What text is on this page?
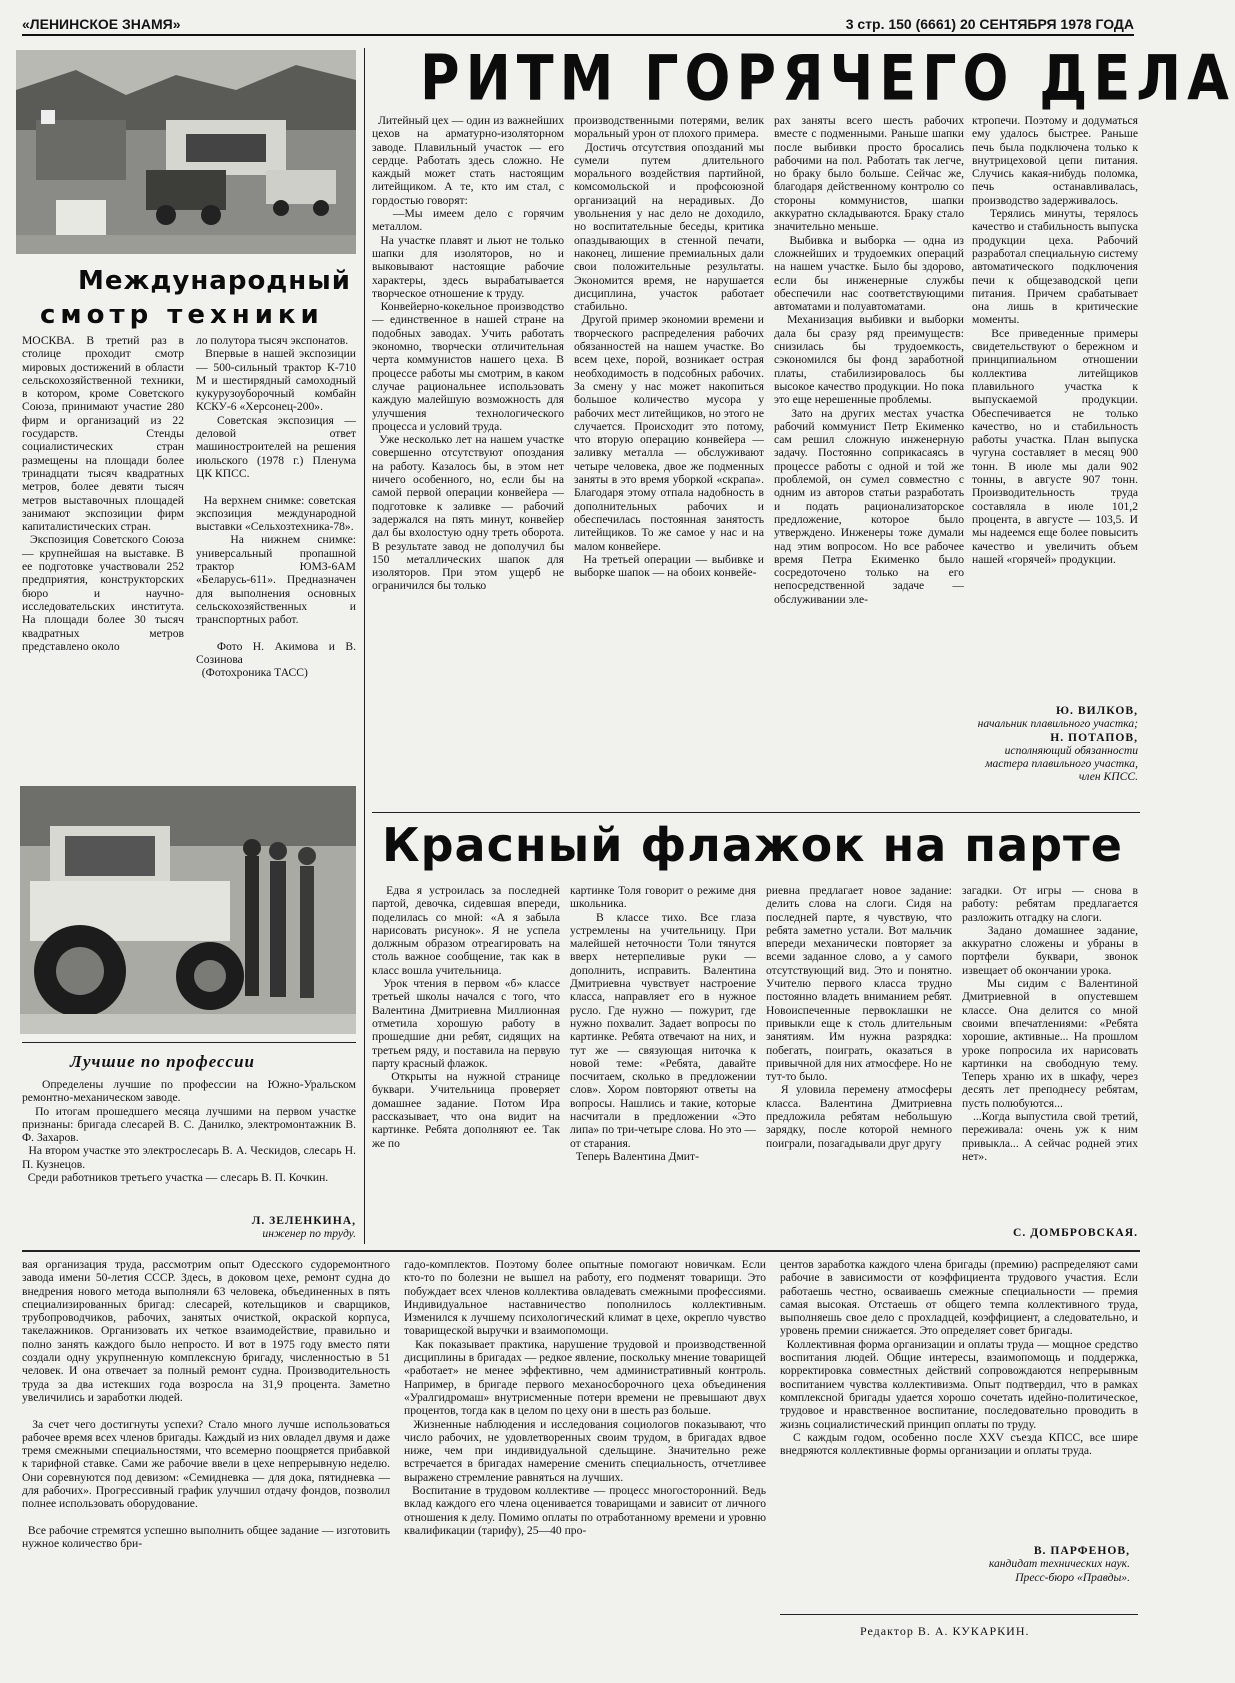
«ЛЕНИНСКОЕ ЗНАМЯ»	3 стр. 150 (6661) 20 СЕНТЯБРЯ 1978 ГОДА
Международный
смотр техники
МОСКВА. В третий раз в столице проходит смотр мировых достижений в области сельскохозяйственной техники, в котором, кроме Советского Союза, принимают участие 280 фирм и организаций из 22 государств. Стенды социалистических стран размещены на площади более тринадцати тысяч квадратных метров, более девяти тысяч метров выставочных площадей занимают экспозиции фирм капиталистических стран.
Экспозиция Советского Союза — крупнейшая на выставке. В ее подготовке участвовали 252 предприятия, конструкторских бюро и научно-исследовательских института. На площади более 30 тысяч квадратных метров представлено около
ло полутора тысяч экспонатов.
Впервые в нашей экспозиции — 500-сильный трактор К-710 М и шестирядный самоходный кукурузоуборочный комбайн КСКУ-6 «Херсонец-200».
Советская экспозиция — деловой ответ машиностроителей на решения июльского (1978 г.) Пленума ЦК КПСС.

На верхнем снимке: советская экспозиция международной выставки «Сельхозтехника-78».
На нижнем снимке: универсальный пропашной трактор ЮМЗ-6АМ «Беларусь-611». Предназначен для выполнения основных сельскохозяйственных и транспортных работ.

Фото Н. Акимова и В. Созинова
(Фотохроника ТАСС)
Лучшие по профессии
Определены лучшие по профессии на Южно-Уральском ремонтно-механическом заводе.
По итогам прошедшего месяца лучшими на первом участке признаны: бригада слесарей В. С. Данилко, электромонтажник В. Ф. Захаров.
На втором участке это электрослесарь В. А. Ческидов, слесарь Н. П. Кузнецов.
Среди работников третьего участка — слесарь В. П. Кочкин.
Л. ЗЕЛЕНКИНА,
инженер по труду.
РИТМ ГОРЯЧЕГО ДЕЛА
Литейный цех — один из важнейших цехов на арматурно-изоляторном заводе. Плавильный участок — его сердце. Работать здесь сложно. Не каждый может стать настоящим литейщиком. А те, кто им стал, с гордостью говорят:
—Мы имеем дело с горячим металлом.
На участке плавят и льют не только шапки для изоляторов, но и выковывают настоящие рабочие характеры, здесь вырабатывается творческое отношение к труду.
Конвейерно-кокельное производство — единственное в нашей стране на подобных заводах. Учить работать экономно, творчески отличительная черта коммунистов нашего цеха. В процессе работы мы смотрим, в каком случае рациональнее использовать каждую малейшую возможность для улучшения технологического процесса и условий труда.
Уже несколько лет на нашем участке совершенно отсутствуют опоздания на работу. Казалось бы, в этом нет ничего особенного, но, если бы на самой первой операции конвейера — подготовке к заливке — рабочий задержался на пять минут, конвейер дал бы вхолостую одну треть оборота. В результате завод не дополучил бы 150 металлических шапок для изоляторов. При этом ущерб не ограничился бы только
производственными потерями, велик моральный урон от плохого примера.
Достичь отсутствия опозданий мы сумели путем длительного морального воздействия партийной, комсомольской и профсоюзной организаций на нерадивых. До увольнения у нас дело не доходило, но воспитательные беседы, критика опаздывающих в стенной печати, наконец, лишение премиальных дали свои положительные результаты. Экономится время, не нарушается дисциплина, участок работает стабильно.
Другой пример экономии времени и творческого распределения рабочих обязанностей на нашем участке. Во всем цехе, порой, возникает острая необходимость в подсобных рабочих. За смену у нас может накопиться большое количество мусора у рабочих мест литейщиков, но этого не случается. Происходит это потому, что вторую операцию конвейера — заливку металла — обслуживают четыре человека, двое же подменных заняты в это время уборкой «скрапа». Благодаря этому отпала надобность в дополнительных рабочих и обеспечилась постоянная занятость литейщиков. То же самое у нас и на малом конвейере.
На третьей операции — выбивке и выборке шапок — на обоих конвейе-
рах заняты всего шесть рабочих вместе с подменными. Раньше шапки после выбивки просто бросались рабочими на пол. Работать так легче, но браку было больше. Сейчас же, благодаря действенному контролю со стороны коммунистов, шапки аккуратно складываются. Браку стало значительно меньше.
Выбивка и выборка — одна из сложнейших и трудоемких операций на нашем участке. Было бы здорово, если бы инженерные службы обеспечили нас соответствующими автоматами и полуавтоматами.
Механизация выбивки и выборки дала бы сразу ряд преимуществ: снизилась бы трудоемкость, сэкономился бы фонд заработной платы, стабилизировалось бы высокое качество продукции. Но пока это еще нерешенные проблемы.
Зато на других местах участка рабочий коммунист Петр Екименко сам решил сложную инженерную задачу. Постоянно соприкасаясь в процессе работы с одной и той же проблемой, он сумел совместно с одним из авторов статьи разработать и подать рационализаторское предложение, которое было утверждено. Инженеры тоже думали над этим вопросом. Но все рабочее время Петра Екименко было сосредоточено только на его непосредственной задаче — обслуживании эле-
ктропечи. Поэтому и додуматься ему удалось быстрее. Раньше печь была подключена только к внутрицеховой цепи питания. Случись какая-нибудь поломка, печь останавливалась, производство задерживалось.
Терялись минуты, терялось качество и стабильность выпуска продукции цеха. Рабочий разработал специальную систему автоматического подключения печи к общезаводской цепи питания. Причем срабатывает она лишь в критические моменты.
Все приведенные примеры свидетельствуют о бережном и принципиальном отношении коллектива литейщиков плавильного участка к выпускаемой продукции. Обеспечивается не только качество, но и стабильность работы участка. План выпуска чугуна составляет в месяц 900 тонн. В июле мы дали 902 тонны, в августе 907 тонн. Производительность труда составляла в июле 101,2 процента, в августе — 103,5. И мы надеемся еще более повысить качество и увеличить объем нашей «горячей» продукции.
Ю. ВИЛКОВ,
начальник плавильного участка;
Н. ПОТАПОВ,
исполняющий обязанности мастера плавильного участка, член КПСС.
Красный флажок на парте
Едва я устроилась за последней партой, девочка, сидевшая впереди, поделилась со мной: «А я забыла нарисовать рисунок». Я не успела должным образом отреагировать на столь важное сообщение, так как в класс вошла учительница.
Урок чтения в первом «б» классе третьей школы начался с того, что Валентина Дмитриевна Миллионная отметила хорошую работу в прошедшие дни ребят, сидящих на третьем ряду, и поставила на первую парту красный флажок.
Открыты на нужной странице буквари. Учительница проверяет домашнее задание. Потом Ира рассказывает, что она видит на картинке. Ребята дополняют ее. Так же по
картинке Толя говорит о режиме дня школьника.
В классе тихо. Все глаза устремлены на учительницу. При малейшей неточности Толи тянутся вверх нетерпеливые руки — дополнить, исправить. Валентина Дмитриевна чувствует настроение класса, направляет его в нужное русло. Где нужно — пожурит, где нужно похвалит. Задает вопросы по картинке. Ребята отвечают на них, и тут же — связующая ниточка к новой теме: «Ребята, давайте посчитаем, сколько в предложении слов». Хором повторяют ответы на вопросы. Нашлись и такие, которые насчитали в предложении «Это липа» по три-четыре слова. Но это — от старания.
Теперь Валентина Дмит-
риевна предлагает новое задание: делить слова на слоги. Сидя на последней парте, я чувствую, что ребята заметно устали. Вот мальчик впереди механически повторяет за всеми заданное слово, а у самого отсутствующий вид. Это и понятно. Учителю первого класса трудно постоянно владеть вниманием ребят. Новоиспеченные первоклашки не привыкли еще к столь длительным занятиям. Им нужна разрядка: побегать, поиграть, оказаться в привычной для них атмосфере. Но не тут-то было.
Я уловила перемену атмосферы класса. Валентина Дмитриевна предложила ребятам небольшую зарядку, после которой немного поиграли, позагадывали друг другу
загадки. От игры — снова в работу: ребятам предлагается разложить отгадку на слоги.
Задано домашнее задание, аккуратно сложены и убраны в портфели буквари, звонок извещает об окончании урока.
Мы сидим с Валентиной Дмитриевной в опустевшем классе. Она делится со мной своими впечатлениями: «Ребята хорошие, активные... На прошлом уроке попросила их нарисовать картинки на свободную тему. Теперь храню их в шкафу, через десять лет преподнесу ребятам, пусть полюбуются...
...Когда выпустила свой третий, переживала: очень уж к ним привыкла... А сейчас родней этих нет».
С. ДОМБРОВСКАЯ.
вая организация труда, рассмотрим опыт Одесского судоремонтного завода имени 50-летия СССР. Здесь, в доковом цехе, ремонт судна до внедрения нового метода выполняли 63 человека, объединенных в пять специализированных бригад: слесарей, котельщиков и сварщиков, трубопроводчиков, рабочих, занятых очисткой, окраской корпуса, такелажников. Организовать их четкое взаимодействие, правильно и полно занять каждого было непросто. И вот в 1975 году вместо пяти создали одну укрупненную комплексную бригаду, численностью в 51 человек. И она отвечает за полный ремонт судна. Производительность труда за два истекших года возросла на 31,9 процента. Заметно увеличились и заработки людей.

За счет чего достигнуты успехи? Стало много лучше использоваться рабочее время всех членов бригады. Каждый из них овладел двумя и даже тремя смежными специальностями, что всемерно поощряется прибавкой к тарифной ставке. Сами же рабочие ввели в цехе непрерывную неделю. Они соревнуются под девизом: «Семидневка — для дока, пятидневка — для рабочих». Прогрессивный график улучшил отдачу фондов, позволил полнее использовать оборудование.

Все рабочие стремятся успешно выполнить общее задание — изготовить нужное количество бри-
гадо-комплектов. Поэтому более опытные помогают новичкам. Если кто-то по болезни не вышел на работу, его подменят товарищи. Это побуждает всех членов коллектива овладевать смежными профессиями. Индивидуальное наставничество пополнилось коллективным. Изменился к лучшему психологический климат в цехе, окрепло чувство товарищеской выручки и взаимопомощи.
Как показывает практика, нарушение трудовой и производственной дисциплины в бригадах — редкое явление, поскольку мнение товарищей «работает» не менее эффективно, чем административный контроль. Например, в бригаде первого механосборочного цеха объединения «Уралгидромаш» внутрисменные потери времени не превышают двух процентов, тогда как в целом по цеху они в шесть раз больше.
Жизненные наблюдения и исследования социологов показывают, что число рабочих, не удовлетворенных своим трудом, в бригадах вдвое ниже, чем при индивидуальной сдельщине. Значительно реже встречается в бригадах намерение сменить специальность, отчетливее выражено стремление равняться на лучших.
Воспитание в трудовом коллективе — процесс многосторонний. Ведь вклад каждого его члена оценивается товарищами и зависит от личного отношения к делу. Помимо оплаты по отработанному времени и уровню квалификации (тарифу), 25—40 про-
центов заработка каждого члена бригады (премию) распределяют сами рабочие в зависимости от коэффициента трудового участия. Если работаешь честно, осваиваешь смежные специальности — премия самая высокая. Отстаешь от общего темпа коллективного труда, выполняешь свое дело с прохладцей, коэффициент, а следовательно, и уровень премии снижается. Это определяет совет бригады.
Коллективная форма организации и оплаты труда — мощное средство воспитания людей. Общие интересы, взаимопомощь и поддержка, корректировка совместных действий сопровождаются непрерывным воспитанием чувства коллективизма. Опыт подтвердил, что в рамках комплексной бригады удается хорошо сочетать идейно-политическое, трудовое и нравственное воспитание, последовательно проводить в жизнь социалистический принцип оплаты по труду.
С каждым годом, особенно после XXV съезда КПСС, все шире внедряются коллективные формы организации и оплаты труда.
В. ПАРФЕНОВ,
кандидат технических наук.
Пресс-бюро «Правды».
Редактор В. А. КУКАРКИН.
